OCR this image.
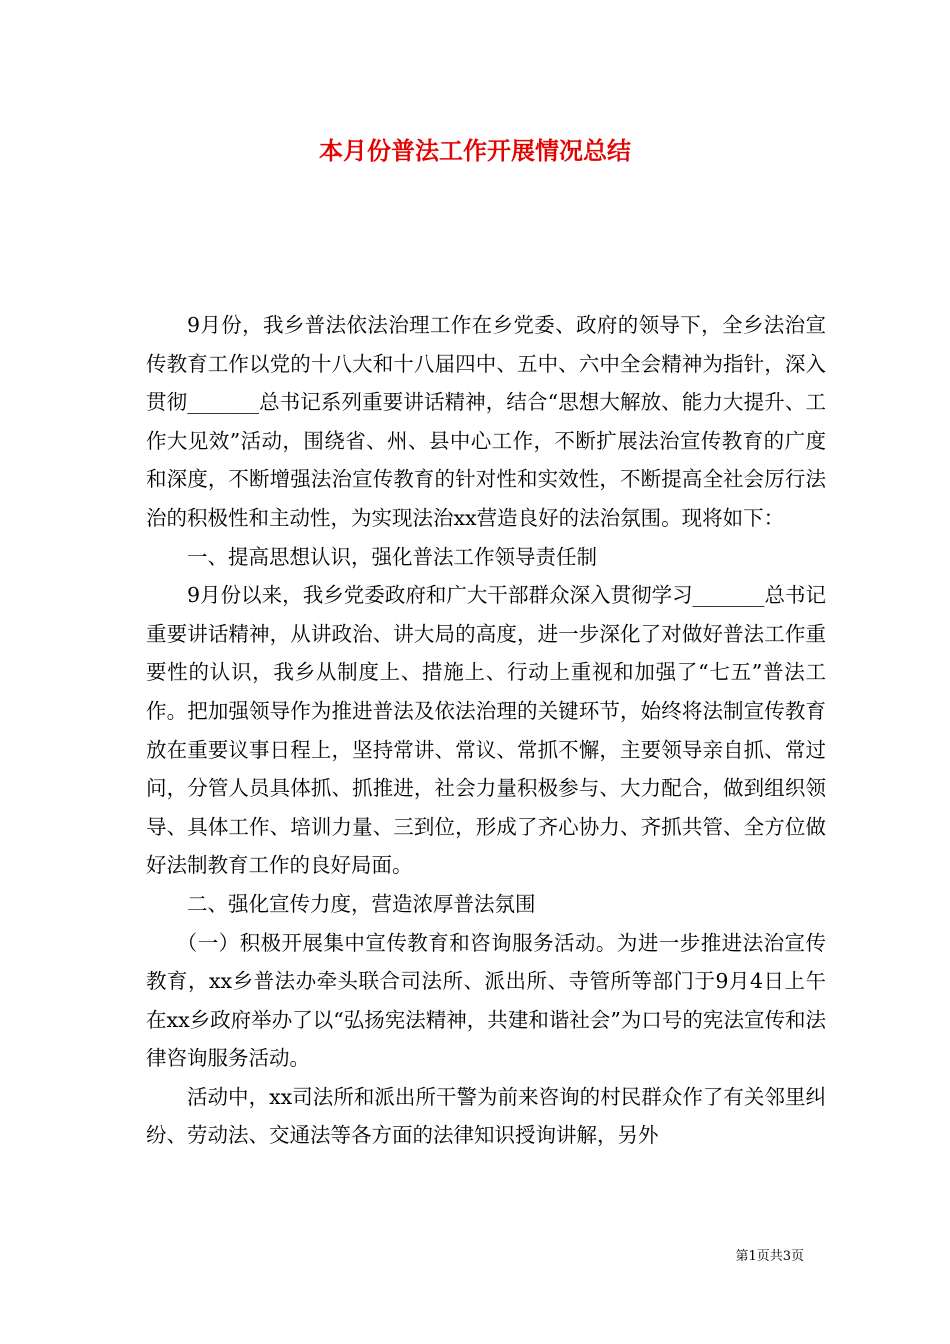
本月份普法工作开展情况总结

9月份，我乡普法依法治理工作在乡党委、政府的领导下，全乡法治宣传教育工作以党的十八大和十八届四中、五中、六中全会精神为指针，深入贯彻_______总书记系列重要讲话精神，结合“思想大解放、能力大提升、工作大见效”活动，围绕省、州、县中心工作，不断扩展法治宣传教育的广度和深度，不断增强法治宣传教育的针对性和实效性，不断提高全社会厉行法治的积极性和主动性，为实现法治xx营造良好的法治氛围。现将如下：

一、提高思想认识，强化普法工作领导责任制

9月份以来，我乡党委政府和广大干部群众深入贯彻学习_______总书记重要讲话精神，从讲政治、讲大局的高度，进一步深化了对做好普法工作重要性的认识，我乡从制度上、措施上、行动上重视和加强了“七五”普法工作。把加强领导作为推进普法及依法治理的关键环节，始终将法制宣传教育放在重要议事日程上，坚持常讲、常议、常抓不懈，主要领导亲自抓、常过问，分管人员具体抓、抓推进，社会力量积极参与、大力配合，做到组织领导、具体工作、培训力量、三到位，形成了齐心协力、齐抓共管、全方位做好法制教育工作的良好局面。

二、强化宣传力度，营造浓厚普法氛围

（一）积极开展集中宣传教育和咨询服务活动。为进一步推进法治宣传教育，xx乡普法办牵头联合司法所、派出所、寺管所等部门于9月4日上午在xx乡政府举办了以“弘扬宪法精神，共建和谐社会”为口号的宪法宣传和法律咨询服务活动。

活动中，xx司法所和派出所干警为前来咨询的村民群众作了有关邻里纠纷、劳动法、交通法等各方面的法律知识授询讲解，另外

第1页共3页
